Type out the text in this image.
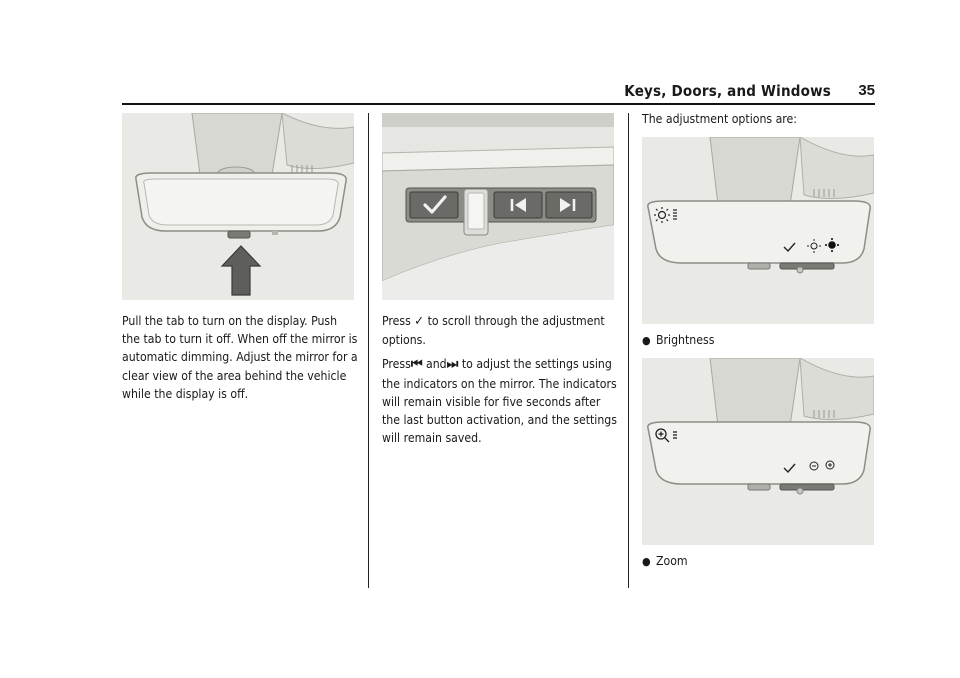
Keys, Doors, and Windows 35

Pull the tab to turn on the display. Push the tab to turn it off. When off the mirror is automatic dimming. Adjust the mirror for a clear view of the area behind the vehicle while the display is off.

Press ✓ to scroll through the adjustment options.

Press⏮ and⏭ to adjust the settings using the indicators on the mirror. The indicators will remain visible for five seconds after the last button activation, and the settings will remain saved.

The adjustment options are:
● Brightness
● Zoom
